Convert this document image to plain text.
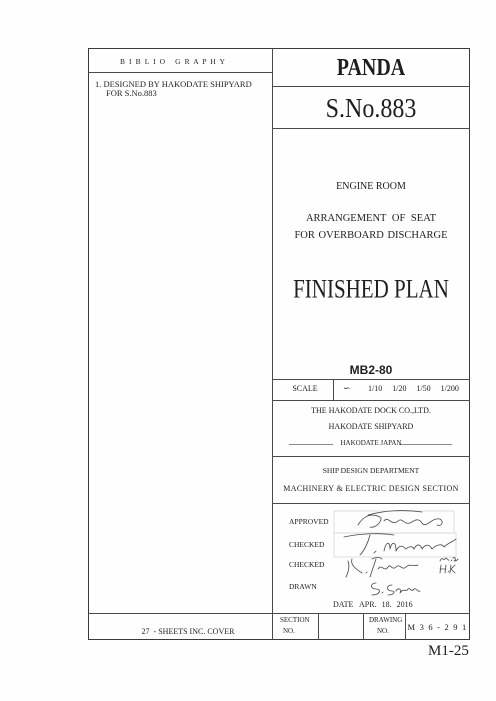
B I B L I O   G R A P H Y
1. DESIGNED BY HAKODATE SHIPYARD
FOR S.No.883
27  - SHEETS INC. COVER
PANDA
S.No.883
ENGINE ROOM
ARRANGEMENT OF SEAT
FOR OVERBOARD DISCHARGE
FINISHED PLAN
MB2-80
SCALE	∽ 1/10 1/20 1/50 1/200
THE HAKODATE DOCK CO.,LTD.
HAKODATE SHIPYARD
HAKODATE JAPAN
SHIP DESIGN DEPARTMENT
MACHINERY & ELECTRIC DESIGN SECTION
APPROVED
CHECKED
CHECKED
DRAWN
DATE APR. 18. 2016
SECTION
NO.
DRAWING
NO. M 3 6 - 2 9 1
M1-25
